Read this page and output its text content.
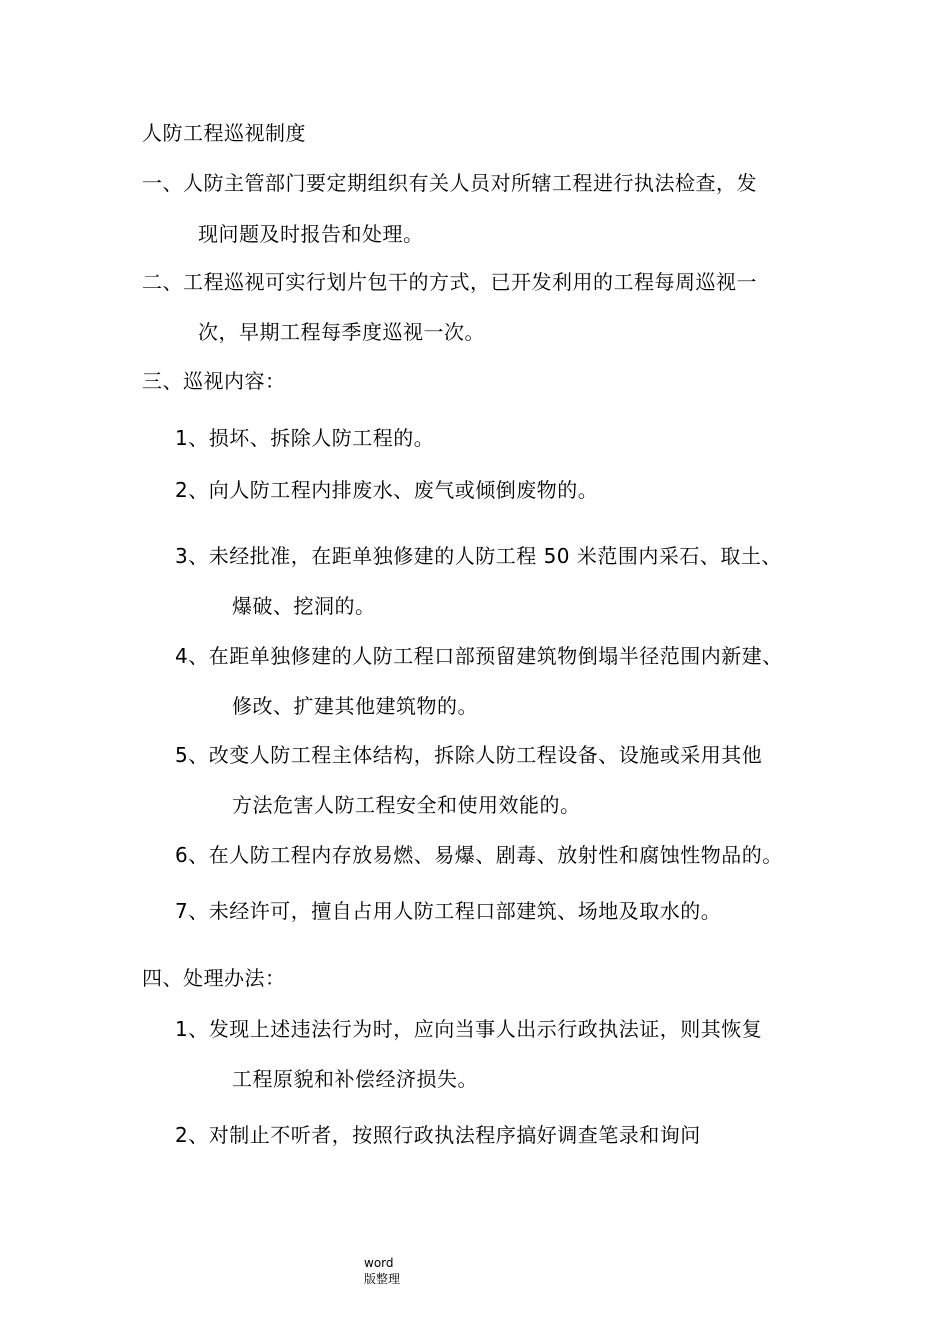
人防工程巡视制度
一、人防主管部门要定期组织有关人员对所辖工程进行执法检查，发
现问题及时报告和处理。
二、工程巡视可实行划片包干的方式，已开发利用的工程每周巡视一
次，早期工程每季度巡视一次。
三、巡视内容：
1、损坏、拆除人防工程的。
2、向人防工程内排废水、废气或倾倒废物的。
3、未经批准，在距单独修建的人防工程 50 米范围内采石、取土、
爆破、挖洞的。
4、在距单独修建的人防工程口部预留建筑物倒塌半径范围内新建、
修改、扩建其他建筑物的。
5、改变人防工程主体结构，拆除人防工程设备、设施或采用其他
方法危害人防工程安全和使用效能的。
6、在人防工程内存放易燃、易爆、剧毒、放射性和腐蚀性物品的。
7、未经许可，擅自占用人防工程口部建筑、场地及取水的。
四、处理办法：
1、发现上述违法行为时，应向当事人出示行政执法证，则其恢复
工程原貌和补偿经济损失。
2、对制止不听者，按照行政执法程序搞好调查笔录和询问
word
版整理
